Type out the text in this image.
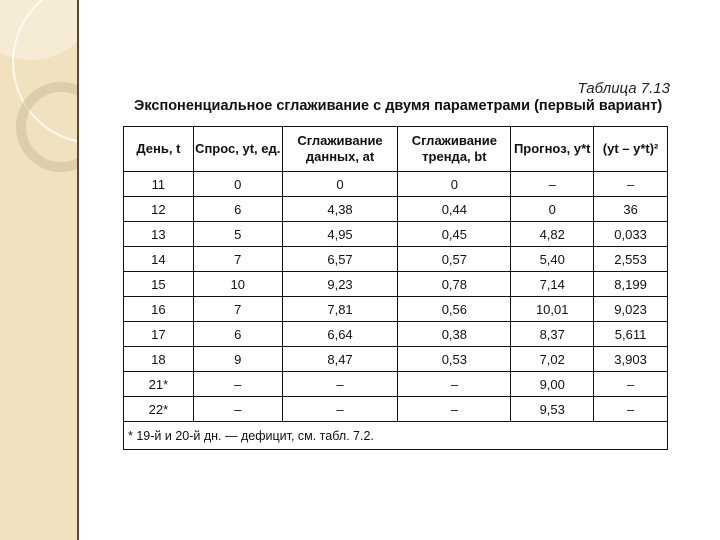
Таблица 7.13
Экспоненциальное сглаживание с двумя параметрами (первый вариант)
День, t	Спрос, yt, ед.	Сглаживание данных, at	Сглаживание тренда, bt	Прогноз, y*t	(yt – y*t)²
11	0	0	0	–	–
12	6	4,38	0,44	0	36
13	5	4,95	0,45	4,82	0,033
14	7	6,57	0,57	5,40	2,553
15	10	9,23	0,78	7,14	8,199
16	7	7,81	0,56	10,01	9,023
17	6	6,64	0,38	8,37	5,611
18	9	8,47	0,53	7,02	3,903
21*	–	–	–	9,00	–
22*	–	–	–	9,53	–
* 19-й и 20-й дн. — дефицит, см. табл. 7.2.					
